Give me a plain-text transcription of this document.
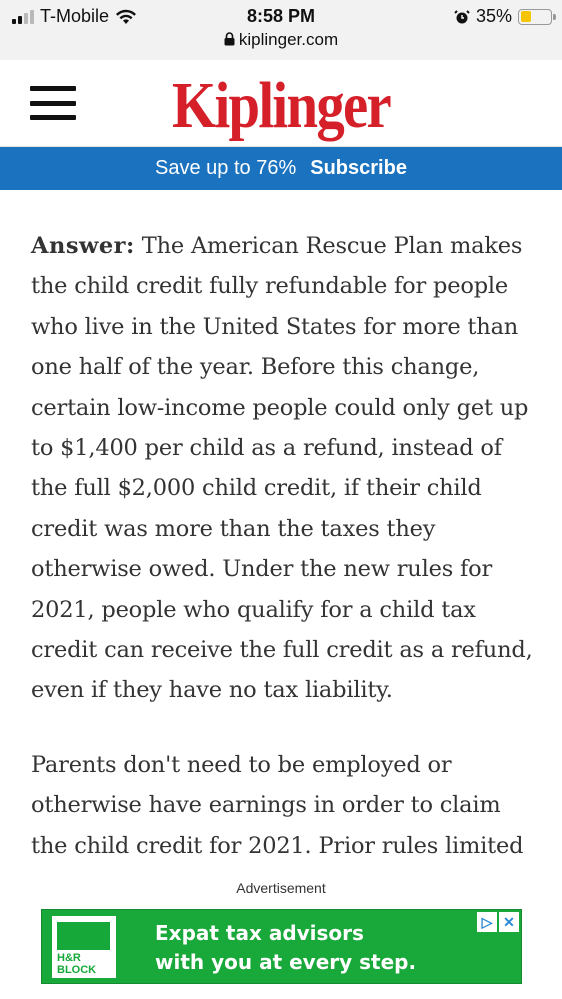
T-Mobile	8:58 PM
kiplinger.com
35%
Kiplinger
Save up to 76% Subscribe

Answer: The American Rescue Plan makes the child credit fully refundable for people who live in the United States for more than one half of the year. Before this change, certain low-income people could only get up to $1,400 per child as a refund, instead of the full $2,000 child credit, if their child credit was more than the taxes they otherwise owed. Under the new rules for 2021, people who qualify for a child tax credit can receive the full credit as a refund, even if they have no tax liability.

Parents don't need to be employed or otherwise have earnings in order to claim the child credit for 2021. Prior rules limited

Advertisement
H&R BLOCK
Expat tax advisors
with you at every step.
▷ ✕
